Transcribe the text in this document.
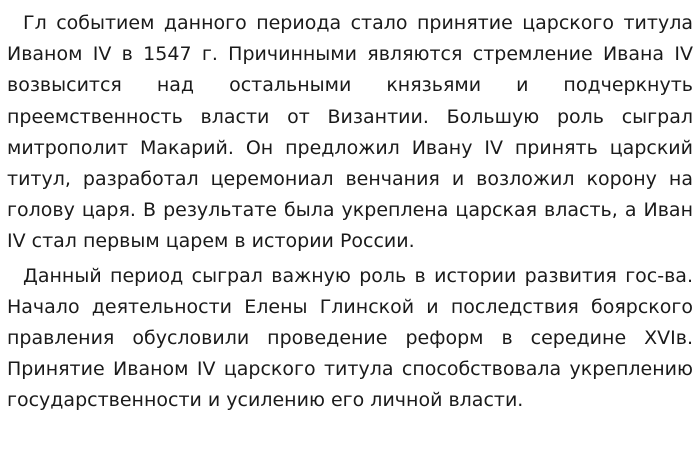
Гл событием данного периода стало принятие царского титула Иваном IV в 1547 г. Причинными являются стремление Ивана IV возвысится над остальными князьями и подчеркнуть преемственность власти от Византии. Большую роль сыграл митрополит Макарий. Он предложил Ивану IV принять царский титул, разработал церемониал венчания и возложил корону на голову царя. В результате была укреплена царская власть, а Иван IV стал первым царем в истории России.

Данный период сыграл важную роль в истории развития гос-ва. Начало деятельности Елены Глинской и последствия боярского правления обусловили проведение реформ в середине XVIв. Принятие Иваном IV царского титула способствовала укреплению государственности и усилению его личной власти.
